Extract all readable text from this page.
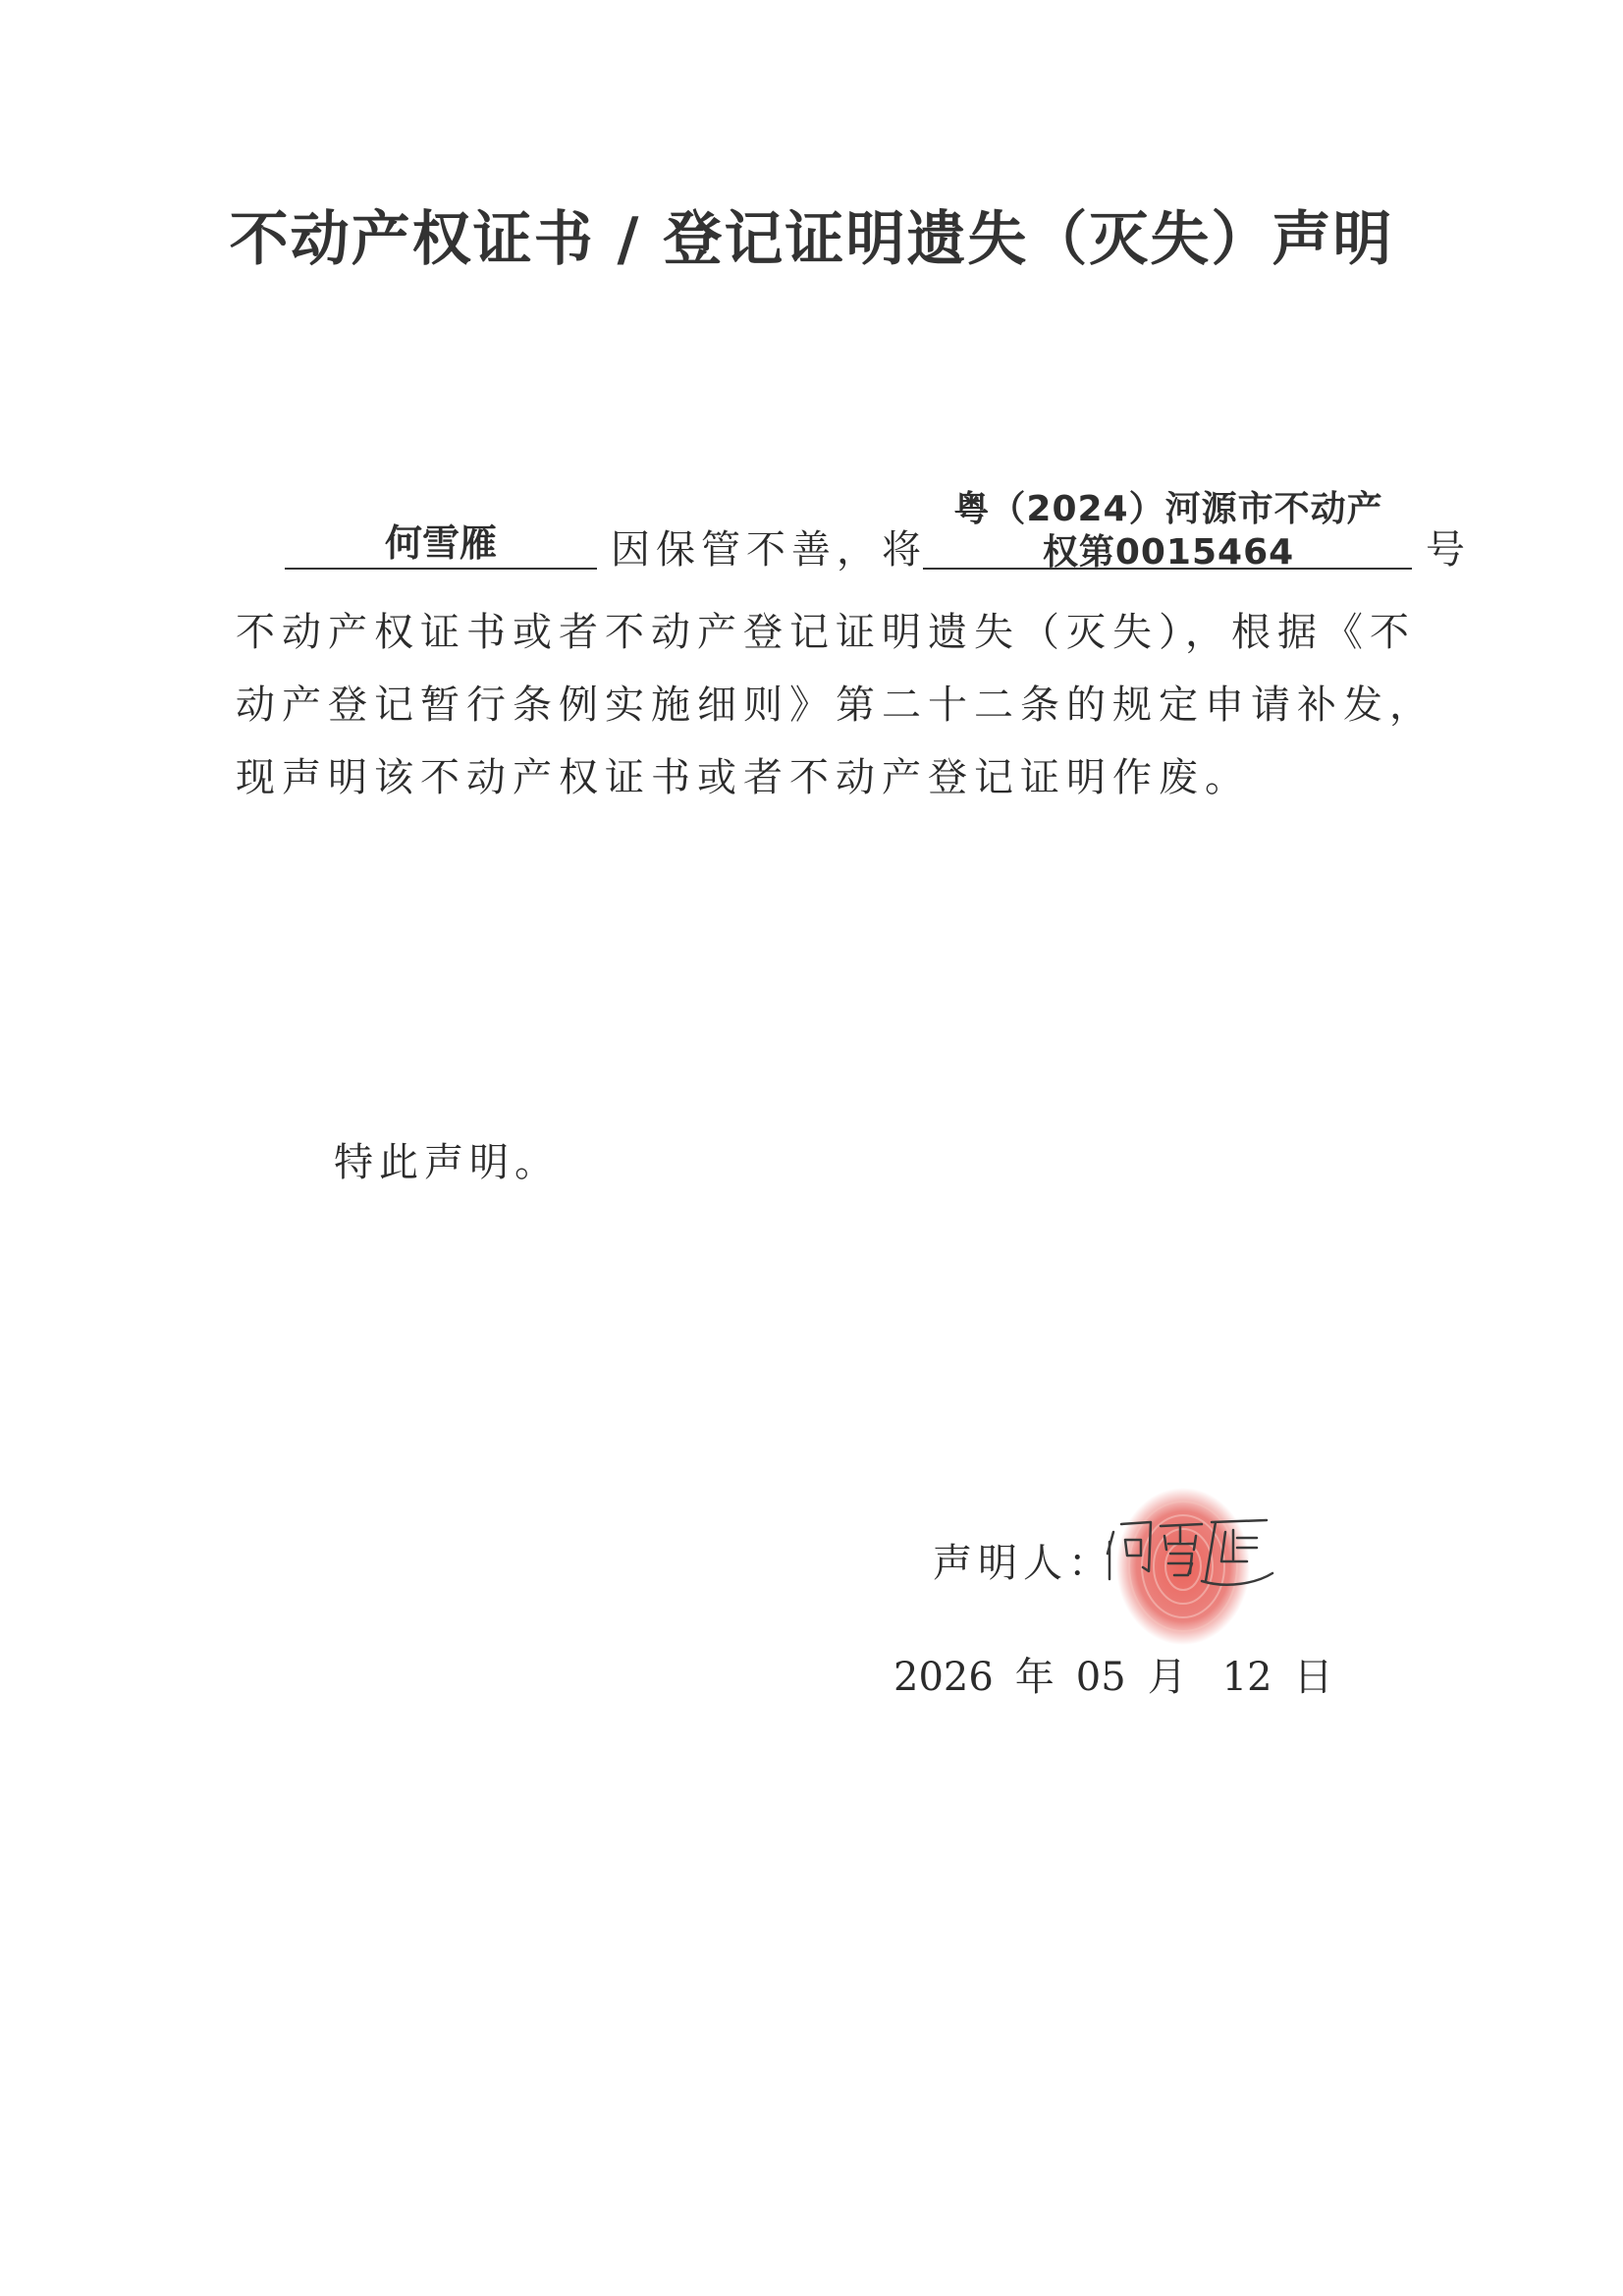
不动产权证书 / 登记证明遗失（灭失）声明
何雪雁	因保管不善，将
粤（2024）河源市不动产
权第0015464	号
不动产权证书或者不动产登记证明遗失（灭失），根据《不
动产登记暂行条例实施细则》第二十二条的规定申请补发，
现声明该不动产权证书或者不动产登记证明作废。
特此声明。
声明人：
2026 年 05 月 12 日
